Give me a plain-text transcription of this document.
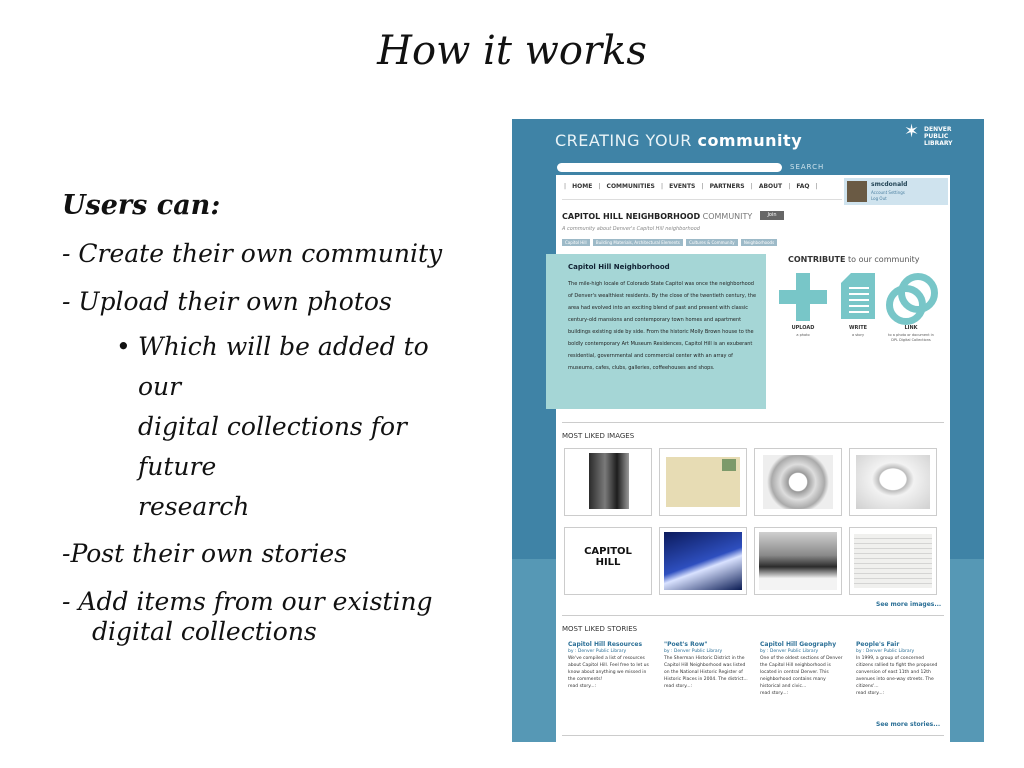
How it works
Users can:
- Create their own community
- Upload their own photos
• Which will be added to our
digital collections for future
research
-Post their own stories
- Add items from our existing

digital collections
CREATING YOUR community	✶ DENVER
PUBLIC
LIBRARY
SEARCH
| HOME | COMMUNITIES | EVENTS | PARTNERS | ABOUT | FAQ |	smcdonald
Account Settings
Log Out
CAPITOL HILL NEIGHBORHOOD COMMUNITY	Join
A community about Denver's Capitol Hill neighborhood
Capitol Hill Building Materials, Architectural Elements Cultures & Community Neighborhoods
Capitol Hill Neighborhood
The mile-high locale of Colorado State Capitol was once the neighborhood of Denver's wealthiest residents. By the close of the twentieth century, the area had evolved into an exciting blend of past and present with classic century-old mansions and contemporary town homes and apartment buildings existing side by side. From the historic Molly Brown house to the boldly contemporary Art Museum Residences, Capitol Hill is an exuberant residential, governmental and commercial center with an array of museums, cafes, clubs, galleries, coffeehouses and shops.
CONTRIBUTE to our community
UPLOAD
a photo
WRITE
a story
LINK
to a photo or document in DPL Digital Collections
MOST LIKED IMAGES
CAPITOL HILL
See more images...
MOST LIKED STORIES
Capitol Hill Resources
by : Denver Public Library
We've compiled a list of resources about Capitol Hill. Feel free to let us know about anything we missed in the comments!
read story...:
"Poet's Row"
by : Denver Public Library
The Sherman Historic District in the Capitol Hill Neighborhood was listed on the National Historic Register of Historic Places in 2004. The district...
read story...:
Capitol Hill Geography
by : Denver Public Library
One of the oldest sections of Denver the Capitol Hill neighborhood is located in central Denver. This neighborhood contains many historical and civic...
read story...:
People's Fair
by : Denver Public Library
In 1999, a group of concerned citizens rallied to fight the proposed conversion of east 11th and 12th avenues into one-way streets. The citizens'...
read story...:
See more stories...
